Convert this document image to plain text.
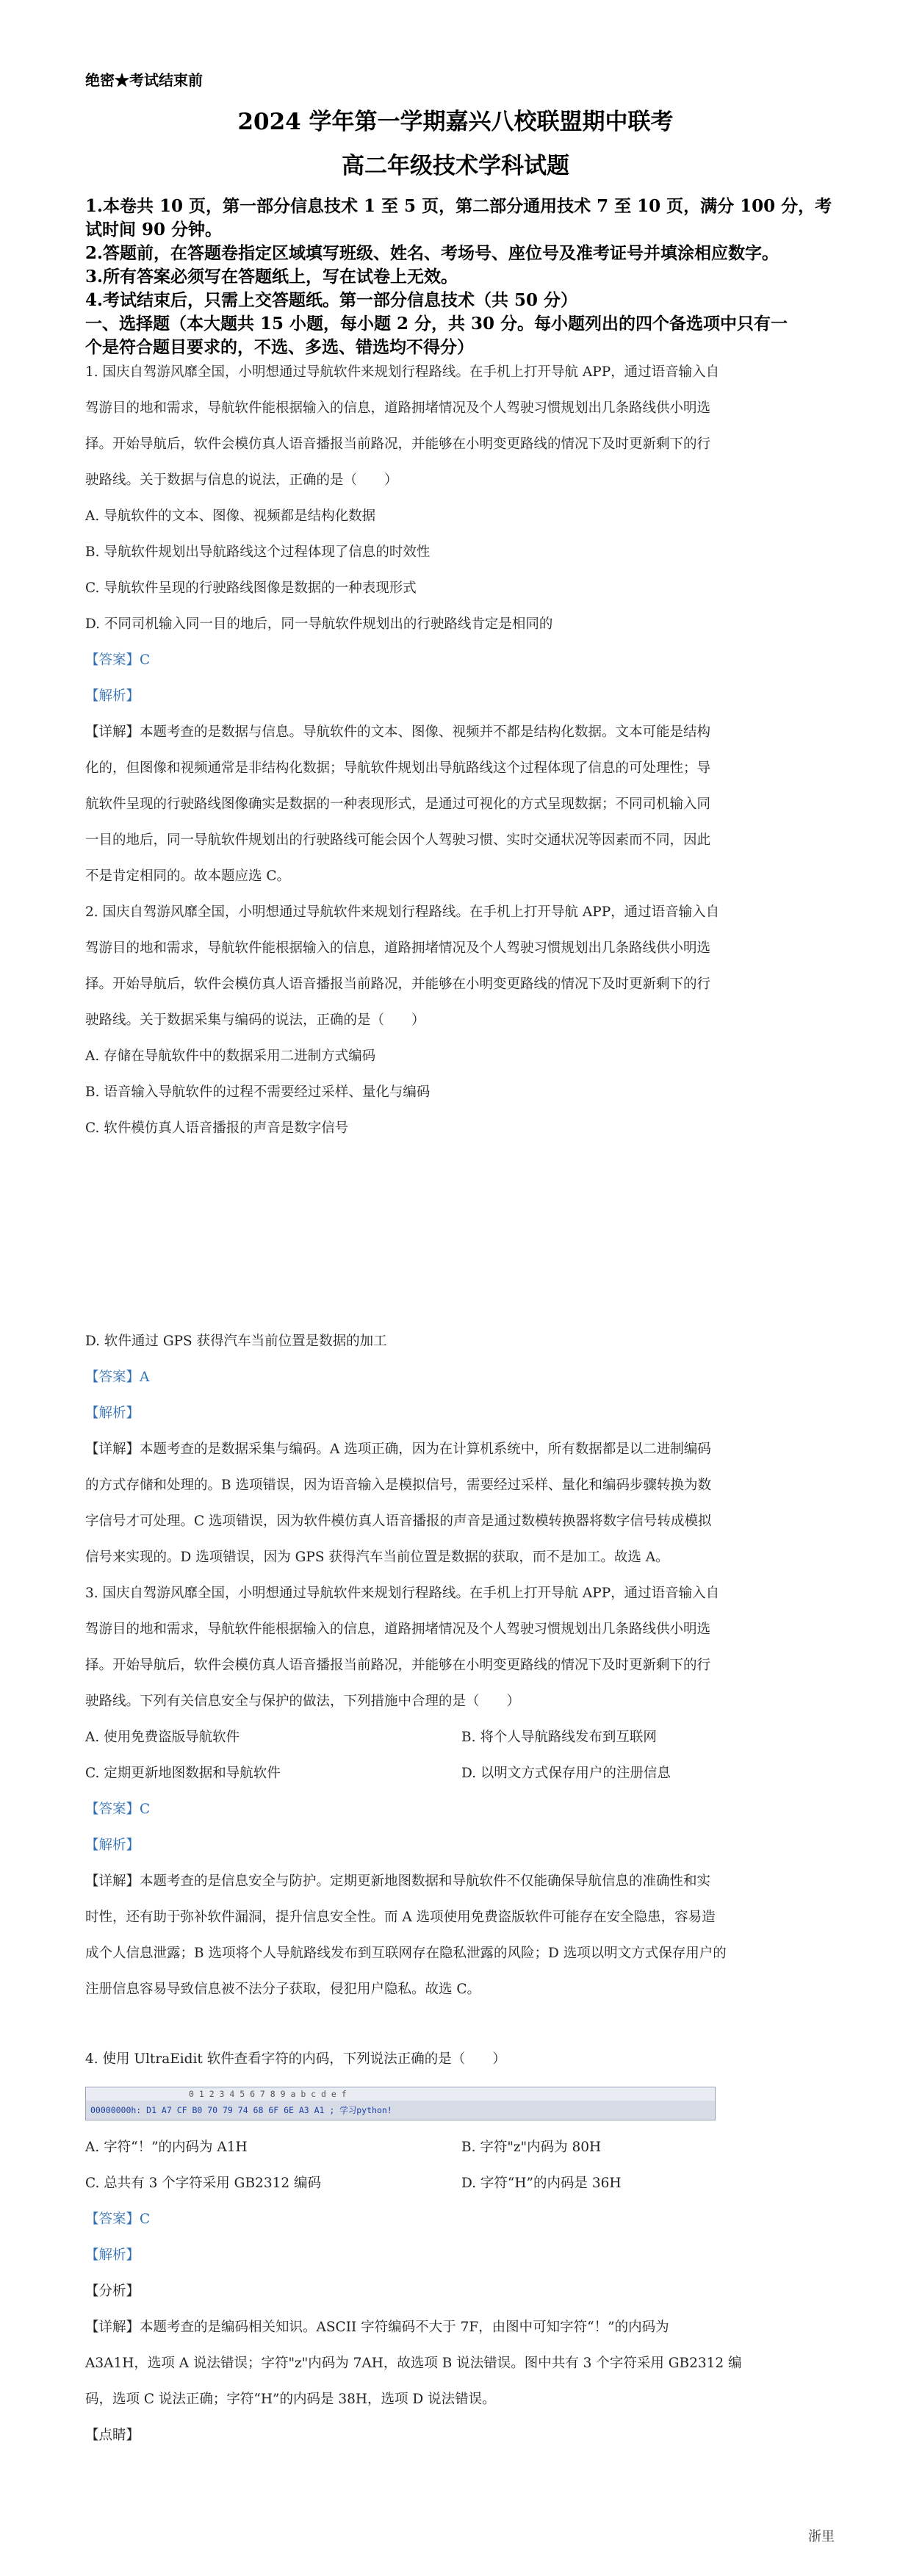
绝密★考试结束前
2024 学年第一学期嘉兴八校联盟期中联考
高二年级技术学科试题
1.本卷共 10 页，第一部分信息技术 1 至 5 页，第二部分通用技术 7 至 10 页，满分 100 分，考
试时间 90 分钟。
2.答题前，在答题卷指定区域填写班级、姓名、考场号、座位号及准考证号并填涂相应数字。
3.所有答案必须写在答题纸上，写在试卷上无效。
4.考试结束后，只需上交答题纸。第一部分信息技术（共 50 分）
一、选择题（本大题共 15 小题，每小题 2 分，共 30 分。每小题列出的四个备选项中只有一
个是符合题目要求的，不选、多选、错选均不得分）
1. 国庆自驾游风靡全国，小明想通过导航软件来规划行程路线。在手机上打开导航 APP，通过语音输入自
驾游目的地和需求，导航软件能根据输入的信息，道路拥堵情况及个人驾驶习惯规划出几条路线供小明选
择。开始导航后，软件会模仿真人语音播报当前路况，并能够在小明变更路线的情况下及时更新剩下的行
驶路线。关于数据与信息的说法，正确的是（　　）
A. 导航软件的文本、图像、视频都是结构化数据
B. 导航软件规划出导航路线这个过程体现了信息的时效性
C. 导航软件呈现的行驶路线图像是数据的一种表现形式
D. 不同司机输入同一目的地后，同一导航软件规划出的行驶路线肯定是相同的
【答案】C
【解析】
【详解】本题考查的是数据与信息。导航软件的文本、图像、视频并不都是结构化数据。文本可能是结构
化的，但图像和视频通常是非结构化数据；导航软件规划出导航路线这个过程体现了信息的可处理性；导
航软件呈现的行驶路线图像确实是数据的一种表现形式，是通过可视化的方式呈现数据；不同司机输入同
一目的地后，同一导航软件规划出的行驶路线可能会因个人驾驶习惯、实时交通状况等因素而不同，因此
不是肯定相同的。故本题应选 C。
2. 国庆自驾游风靡全国，小明想通过导航软件来规划行程路线。在手机上打开导航 APP，通过语音输入自
驾游目的地和需求，导航软件能根据输入的信息，道路拥堵情况及个人驾驶习惯规划出几条路线供小明选
择。开始导航后，软件会模仿真人语音播报当前路况，并能够在小明变更路线的情况下及时更新剩下的行
驶路线。关于数据采集与编码的说法，正确的是（　　）
A. 存储在导航软件中的数据采用二进制方式编码
B. 语音输入导航软件的过程不需要经过采样、量化与编码
C. 软件模仿真人语音播报的声音是数字信号
D. 软件通过 GPS 获得汽车当前位置是数据的加工
【答案】A
【解析】
【详解】本题考查的是数据采集与编码。A 选项正确，因为在计算机系统中，所有数据都是以二进制编码
的方式存储和处理的。B 选项错误，因为语音输入是模拟信号，需要经过采样、量化和编码步骤转换为数
字信号才可处理。C 选项错误，因为软件模仿真人语音播报的声音是通过数模转换器将数字信号转成模拟
信号来实现的。D 选项错误，因为 GPS 获得汽车当前位置是数据的获取，而不是加工。故选 A。
3. 国庆自驾游风靡全国，小明想通过导航软件来规划行程路线。在手机上打开导航 APP，通过语音输入自
驾游目的地和需求，导航软件能根据输入的信息，道路拥堵情况及个人驾驶习惯规划出几条路线供小明选
择。开始导航后，软件会模仿真人语音播报当前路况，并能够在小明变更路线的情况下及时更新剩下的行
驶路线。下列有关信息安全与保护的做法，下列措施中合理的是（　　）
A. 使用免费盗版导航软件	B. 将个人导航路线发布到互联网
C. 定期更新地图数据和导航软件	D. 以明文方式保存用户的注册信息
【答案】C
【解析】
【详解】本题考查的是信息安全与防护。定期更新地图数据和导航软件不仅能确保导航信息的准确性和实
时性，还有助于弥补软件漏洞，提升信息安全性。而 A 选项使用免费盗版软件可能存在安全隐患，容易造
成个人信息泄露；B 选项将个人导航路线发布到互联网存在隐私泄露的风险；D 选项以明文方式保存用户的
注册信息容易导致信息被不法分子获取，侵犯用户隐私。故选 C。
4. 使用 UltraEidit 软件查看字符的内码，下列说法正确的是（　　）
0 1 2 3 4 5 6 7 8 9 a b c d e f
00000000h: D1 A7 CF B0 70 79 74 68 6F 6E A3 A1 ; 学习python!
A. 字符“！”的内码为 A1H	B. 字符"z"内码为 80H
C. 总共有 3 个字符采用 GB2312 编码	D. 字符“H”的内码是 36H
【答案】C
【解析】
【分析】
【详解】本题考查的是编码相关知识。ASCII 字符编码不大于 7F，由图中可知字符“！”的内码为
A3A1H，选项 A 说法错误；字符"z"内码为 7AH，故选项 B 说法错误。图中共有 3 个字符采用 GB2312 编
码，选项 C 说法正确；字符“H”的内码是 38H，选项 D 说法错误。
【点睛】
浙里
